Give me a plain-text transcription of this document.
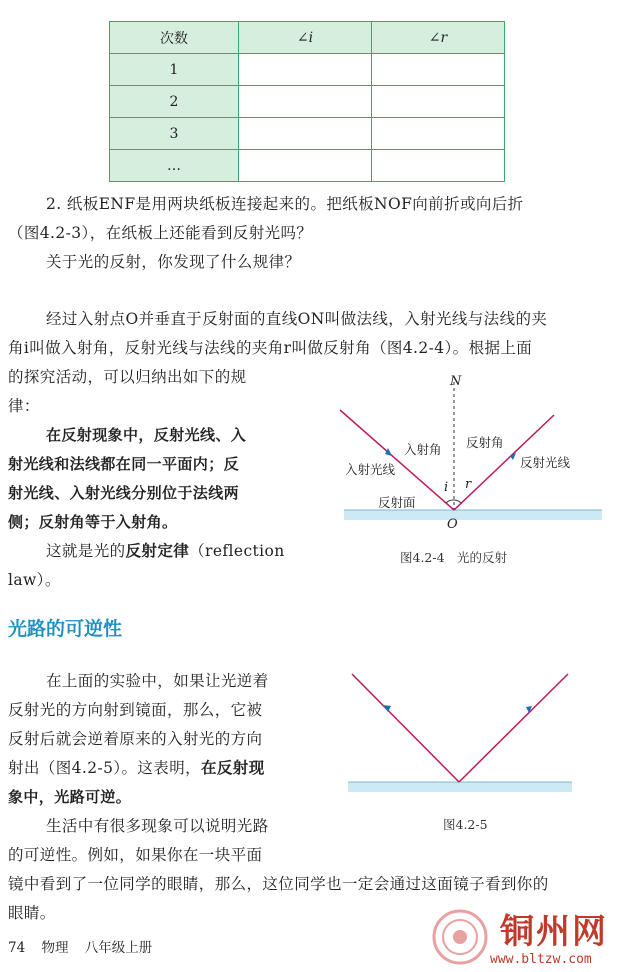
次数	∠i	∠r
1		
2		
3		
…		
2. 纸板ENF是用两块纸板连接起来的。把纸板NOF向前折或向后折
（图4.2-3），在纸板上还能看到反射光吗？
关于光的反射，你发现了什么规律？
经过入射点O并垂直于反射面的直线ON叫做法线，入射光线与法线的夹
角i叫做入射角，反射光线与法线的夹角r叫做反射角（图4.2-4）。根据上面
的探究活动，可以归纳出如下的规
律：
在反射现象中，反射光线、入
射光线和法线都在同一平面内；反
射光线、入射光线分别位于法线两
侧；反射角等于入射角。
这就是光的反射定律（reflection
law）。
N
O
i r
入射角 反射角
入射光线	反射光线
反射面
图4.2-4　光的反射
光路的可逆性
在上面的实验中，如果让光逆着
反射光的方向射到镜面，那么，它被
反射后就会逆着原来的入射光的方向
射出（图4.2-5）。这表明，在反射现
象中，光路可逆。
生活中有很多现象可以说明光路
的可逆性。例如，如果你在一块平面
镜中看到了一位同学的眼睛，那么，这位同学也一定会通过这面镜子看到你的
眼睛。
图4.2-5
74 物理 八年级上册	铜州网
www.bltzw.com
